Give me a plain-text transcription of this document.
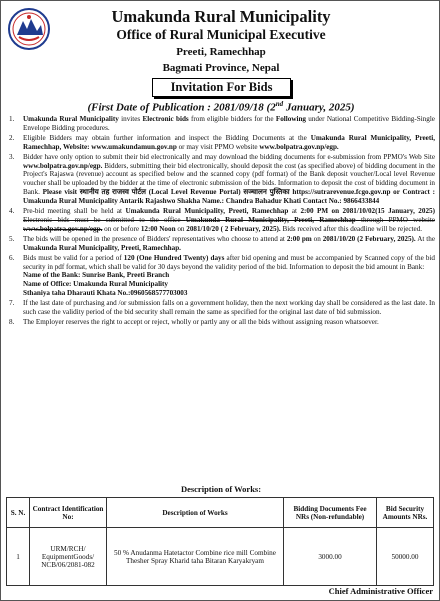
Umakunda Rural Municipality
Office of Rural Municipal Executive
Preeti, Ramechhap
Bagmati Province, Nepal
Invitation For Bids
(First Date of Publication : 2081/09/18 (2nd January, 2025)
1.	Umakunda Rural Municipality invites Electronic bids from eligible bidders for the Following under National Competitive Bidding-Single Envelope Bidding procedures.
2.	Eligible Bidders may obtain further information and inspect the Bidding Documents at the Umakunda Rural Municipality, Preeti, Ramechhap, Website: www.umakundamun.gov.np or may visit PPMO website www.bolpatra.gov.np/egp.
3.	Bidder have only option to submit their bid electronically and may download the bidding documents for e-submission from PPMO's Web Site www.bolpatra.gov.np/egp. Bidders, submitting their bid electronically, should deposit the cost (as specified above) of bidding document in the Project's Rajaswa (revenue) account as specified below and the scanned copy (pdf format) of the Bank deposit voucher/Local level Revenue voucher shall be uploaded by the bidder at the time of electronic submission of the bids. Information to deposit the cost of bidding document in Bank. Please visit स्थानीय तह राजस्व पोर्टल (Local Level Revenue Portal) सञ्चालन पुस्तिका https://sutrarevenue.fcgo.gov.np or Contract : Umakunda Rural Municipality Antarik Rajashwo Shakha Name.: Chandra Bahadur Khati Contact No.: 9866433844
4.	Pre-bid meeting shall be held at Umakunda Rural Municipality, Preeti, Ramechhap at 2:00 PM on 2081/10/02(15 January, 2025) Electronic bids must be submitted to the office Umakunda Rural Municipality, Preeti, Ramechhap through PPMO website www.bolpatra.gov.np/egp. on or before 12:00 Noon on 2081/10/20 ( 2 February, 2025). Bids received after this deadline will be rejected.
5.	The bids will be opened in the presence of Bidders' representatives who choose to attend at 2:00 pm on 2081/10/20 (2 February, 2025). At the Umakunda Rural Municipality, Preeti, Ramechhap.
6.	Bids must be valid for a period of 120 (One Hundred Twenty) days after bid opening and must be accompanied by Scanned copy of the bid security in pdf format, which shall be valid for 30 days beyond the validity period of the bid. Information to deposit the bid amount in Bank:
Name of the Bank: Sunrise Bank, Preeti Branch
Name of Office: Umakunda Rural Municipality
Sthaniya taha Dharauti Khata No.:0960568577703003
7.	If the last date of purchasing and /or submission falls on a government holiday, then the next working day shall be considered as the last date. In such case the validity period of the bid security shall remain the same as specified for the original last date of bid submission.
8.	The Employer reserves the right to accept or reject, wholly or partly any or all the bids without assigning reason whatsoever.
Description of Works:
S. N.	Contract Identification No:	Description of Works	Bidding Documents Fee NRs (Non-refundable)	Bid Security Amounts NRs.
1	URM/RCH/ EquipmentGoods/ NCB/06/2081-082	50 % Anudanma Hatetactor Combine rice mill Combine Thesher Spray Kharid taha Bitaran Karyakryam	3000.00	50000.00
Chief Administrative Officer
